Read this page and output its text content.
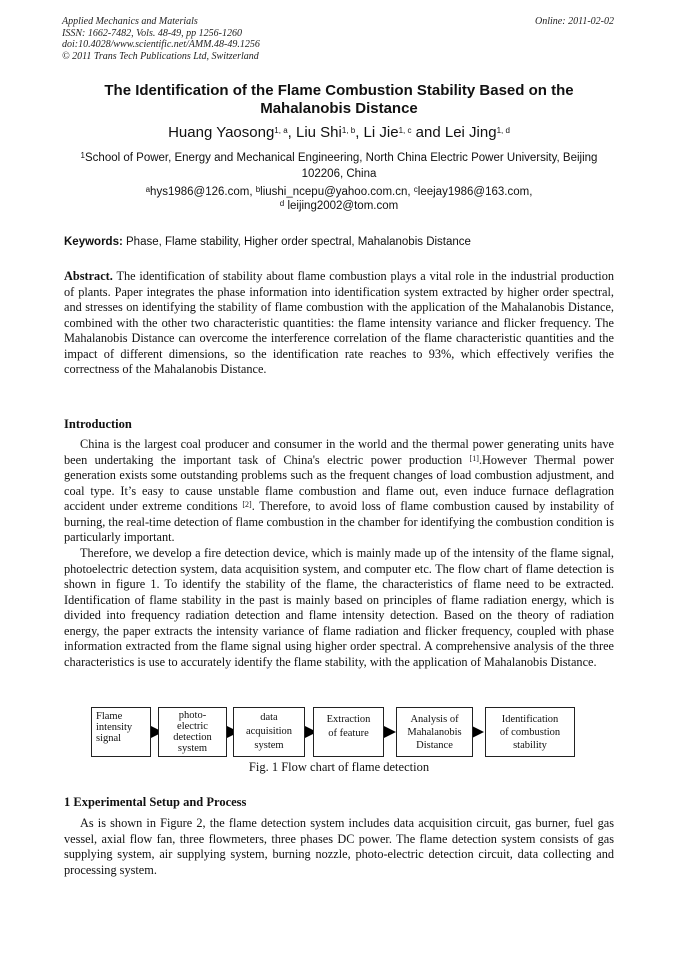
Applied Mechanics and Materials
ISSN: 1662-7482, Vols. 48-49, pp 1256-1260
doi:10.4028/www.scientific.net/AMM.48-49.1256
© 2011 Trans Tech Publications Ltd, Switzerland
Online: 2011-02-02
The Identification of the Flame Combustion Stability Based on the Mahalanobis Distance
Huang Yaosong$^{1, a}$, Liu Shi$^{1, b}$, Li Jie$^{1, c}$ and Lei Jing$^{1, d}$
$^1$School of Power, Energy and Mechanical Engineering, North China Electric Power University, Beijing 102206, China
$^a$hys1986@126.com, $^b$liushi_ncepu@yahoo.com.cn, $^c$leejay1986@163.com,
$^d$ leijing2002@tom.com
Keywords: Phase, Flame stability, Higher order spectral, Mahalanobis Distance
Abstract. The identification of stability about flame combustion plays a vital role in the industrial production of plants. Paper integrates the phase information into identification system extracted by higher order spectral, and stresses on identifying the stability of flame combustion with the application of the Mahalanobis Distance, combined with the other two characteristic quantities: the flame intensity variance and flicker frequency. The Mahalanobis Distance can overcome the interference correlation of the flame characteristic quantities and the impact of different dimensions, so the identification rate reaches to 93%, which effectively verifies the correctness of the Mahalanobis Distance.
Introduction
China is the largest coal producer and consumer in the world and the thermal power generating units have been undertaking the important task of China's electric power production [1].However Thermal power generation exists some outstanding problems such as the frequent changes of load combustion adjustment, and coal type. It’s easy to cause unstable flame combustion and flame out, even induce furnace deflagration accident under extreme conditions [2]. Therefore, to avoid loss of flame combustion caused by instability of burning, the real-time detection of flame combustion in the chamber for identifying the combustion condition is particularly important.
Therefore, we develop a fire detection device, which is mainly made up of the intensity of the flame signal, photoelectric detection system, data acquisition system, and computer etc. The flow chart of flame detection is shown in figure 1. To identify the stability of the flame, the characteristics of flame need to be extracted. Identification of flame stability in the past is mainly based on principles of flame radiation energy, which is divided into frequency radiation detection and flame intensity detection. Based on the theory of radiation energy, the paper extracts the intensity variance of flame radiation and flicker frequency, coupled with phase information extracted from the flame signal using higher order spectral. A comprehensive analysis of the three characteristics is use to accurately identify the flame stability, with the application of Mahalanobis Distance.
Flame
intensity
signal
photo-
electric
detection
system
data
acquisition
system
Extraction
of feature
Analysis of
Mahalanobis
Distance
Identification
of combustion
stability
Fig. 1 Flow chart of flame detection
1 Experimental Setup and Process
As is shown in Figure 2, the flame detection system includes data acquisition circuit, gas burner, fuel gas vessel, axial flow fan, three flowmeters, three phases DC power. The flame detection system consists of gas supplying system, air supplying system, burning nozzle, photo-electric detection circuit, data collecting and processing system.
